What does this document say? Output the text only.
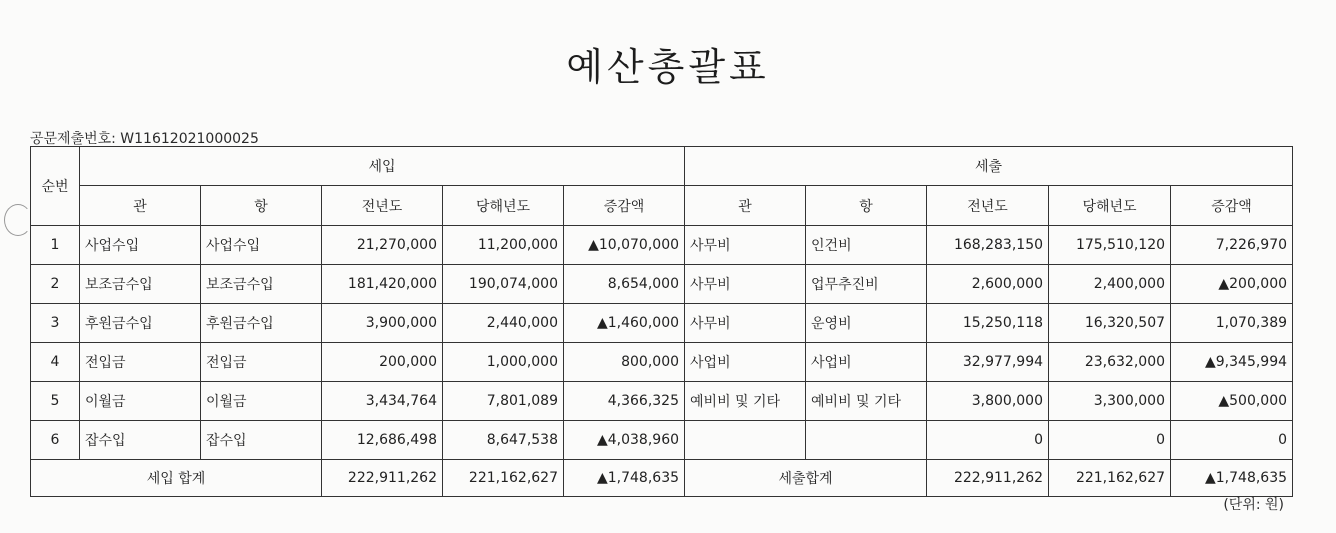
예산총괄표
공문제출번호: W11612021000025
순번	세입					세출				
	관	항	전년도	당해년도	증감액	관	항	전년도	당해년도	증감액
1	사업수입	사업수입	21,270,000	11,200,000	▲10,070,000	사무비	인건비	168,283,150	175,510,120	7,226,970
2	보조금수입	보조금수입	181,420,000	190,074,000	8,654,000	사무비	업무추진비	2,600,000	2,400,000	▲200,000
3	후원금수입	후원금수입	3,900,000	2,440,000	▲1,460,000	사무비	운영비	15,250,118	16,320,507	1,070,389
4	전입금	전입금	200,000	1,000,000	800,000	사업비	사업비	32,977,994	23,632,000	▲9,345,994
5	이월금	이월금	3,434,764	7,801,089	4,366,325	예비비 및 기타	예비비 및 기타	3,800,000	3,300,000	▲500,000
6	잡수입	잡수입	12,686,498	8,647,538	▲4,038,960			0	0	0
세입 합계			222,911,262	221,162,627	▲1,748,635	세출합계		222,911,262	221,162,627	▲1,748,635
(단위: 원)
